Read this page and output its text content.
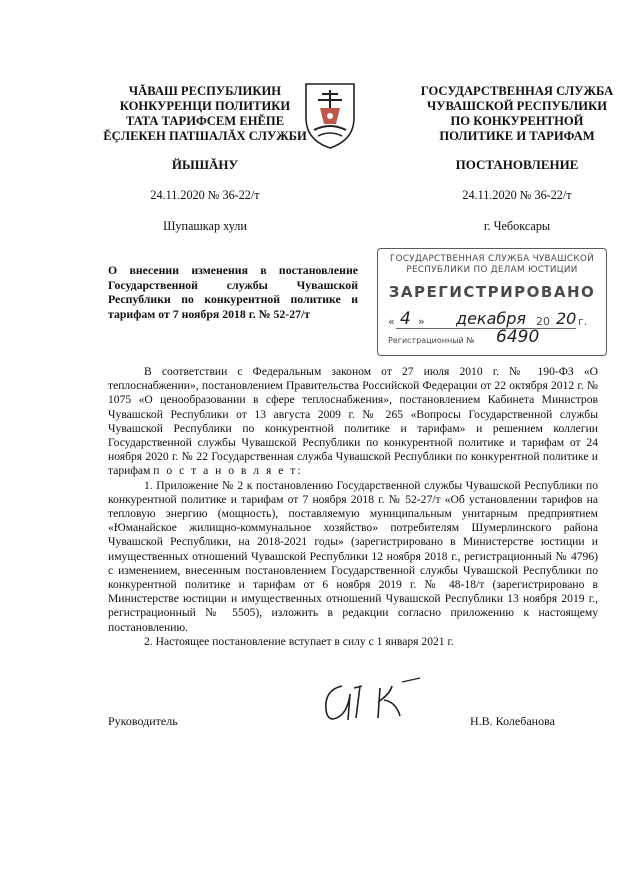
ЧĂВАШ РЕСПУБЛИКИН
КОНКУРЕНЦИ ПОЛИТИКИ
ТАТА ТАРИФСЕМ ЕНĔПЕ
ĔÇЛЕКЕН ПАТШАЛĂХ СЛУЖБИ
ГОСУДАРСТВЕННАЯ СЛУЖБА
ЧУВАШСКОЙ РЕСПУБЛИКИ
ПО КОНКУРЕНТНОЙ
ПОЛИТИКЕ И ТАРИФАМ
ЙЫШĂНУ	ПОСТАНОВЛЕНИЕ
24.11.2020 № 36-22/т	24.11.2020 № 36-22/т
Шупашкар хули	г. Чебоксары
О внесении изменения в постановление Государственной службы Чувашской Республики по конкурентной политике и тарифам от 7 ноября 2018 г. № 52-27/т
ГОСУДАРСТВЕННАЯ СЛУЖБА ЧУВАШСКОЙ
РЕСПУБЛИКИ ПО ДЕЛАМ ЮСТИЦИИ
ЗАРЕГИСТРИРОВАНО
« 4 » декабря 20 20 г.
Регистрационный № 6490

В соответствии с Федеральным законом от 27 июля 2010 г. № 190-ФЗ «О теплоснабжении», постановлением Правительства Российской Федерации от 22 октября 2012 г. № 1075 «О ценообразовании в сфере теплоснабжения», постановлением Кабинета Министров Чувашской Республики от 13 августа 2009 г. № 265 «Вопросы Государственной службы Чувашской Республики по конкурентной политике и тарифам» и решением коллегии Государственной службы Чувашской Республики по конкурентной политике и тарифам от 24 ноября 2020 г. № 22 Государственная служба Чувашской Республики по конкурентной политике и тарифам п о с т а н о в л я е т:

1. Приложение № 2 к постановлению Государственной службы Чувашской Республики по конкурентной политике и тарифам от 7 ноября 2018 г. № 52-27/т «Об установлении тарифов на тепловую энергию (мощность), поставляемую муниципальным унитарным предприятием «Юманайское жилищно-коммунальное хозяйство» потребителям Шумерлинского района Чувашской Республики, на 2018-2021 годы» (зарегистрировано в Министерстве юстиции и имущественных отношений Чувашской Республики 12 ноября 2018 г., регистрационный № 4796) с изменением, внесенным постановлением Государственной службы Чувашской Республики по конкурентной политике и тарифам от 6 ноября 2019 г. № 48-18/т (зарегистрировано в Министерстве юстиции и имущественных отношений Чувашской Республики 13 ноября 2019 г., регистрационный № 5505), изложить в редакции согласно приложению к настоящему постановлению.

2. Настоящее постановление вступает в силу с 1 января 2021 г.

Руководитель	Н.В. Колебанова
